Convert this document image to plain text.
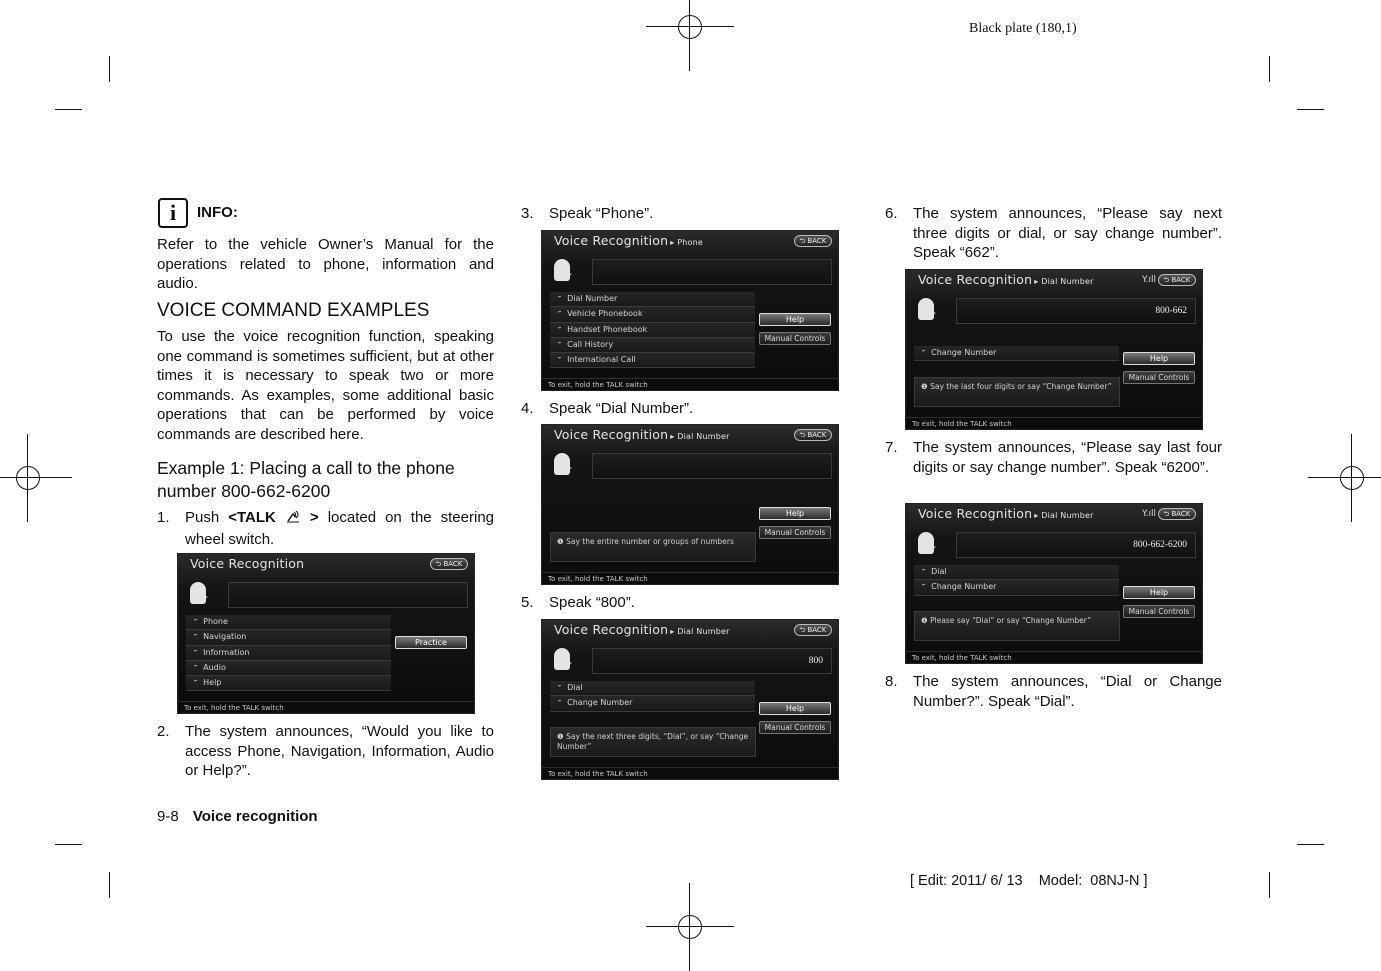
Black plate (180,1)
i	INFO:
Refer to the vehicle Owner’s Manual for the operations related to phone, information and audio.
VOICE COMMAND EXAMPLES
To use the voice recognition function, speaking one command is sometimes sufficient, but at other times it is necessary to speak two or more commands. As examples, some additional basic operations that can be performed by voice commands are described here.
Example 1: Placing a call to the phone number 800-662-6200
1. Push <TALK  > located on the steering wheel switch.
Voice Recognition	⮌ BACK
″
″ Phone
″ Navigation
″ Information
″ Audio
″ Help
Practice
To exit, hold the TALK switch
2. The system announces, “Would you like to access Phone, Navigation, Information, Audio or Help?”.
3. Speak “Phone”.
Voice Recognition ▸ Phone	⮌ BACK
″
″ Dial Number
″ Vehicle Phonebook
″ Handset Phonebook
″ Call History
″ International Call
Help
Manual Controls
To exit, hold the TALK switch
4. Speak “Dial Number”.
Voice Recognition ▸ Dial Number	⮌ BACK
″
Help
Manual Controls
❶ Say the entire number or groups of numbers
To exit, hold the TALK switch
5. Speak “800”.
Voice Recognition ▸ Dial Number	⮌ BACK
″
800
″ Dial
″ Change Number
Help
Manual Controls
❶ Say the next three digits, “Dial”, or say “Change Number”
To exit, hold the TALK switch
6. The system announces, “Please say next three digits or dial, or say change number”. Speak “662”.
Voice Recognition ▸ Dial Number	Y.ıll	⮌ BACK
″
800-662
″ Change Number
Help
Manual Controls
❶ Say the last four digits or say “Change Number”
To exit, hold the TALK switch
7. The system announces, “Please say last four digits or say change number”. Speak “6200”.
Voice Recognition ▸ Dial Number	Y.ıll	⮌ BACK
″
800-662-6200
″ Dial
″ Change Number
Help
Manual Controls
❶ Please say “Dial” or say “Change Number”
To exit, hold the TALK switch
8. The system announces, “Dial or Change Number?”. Speak “Dial”.
9-8 Voice recognition
[ Edit: 2011/ 6/ 13    Model:  08NJ-N ]
